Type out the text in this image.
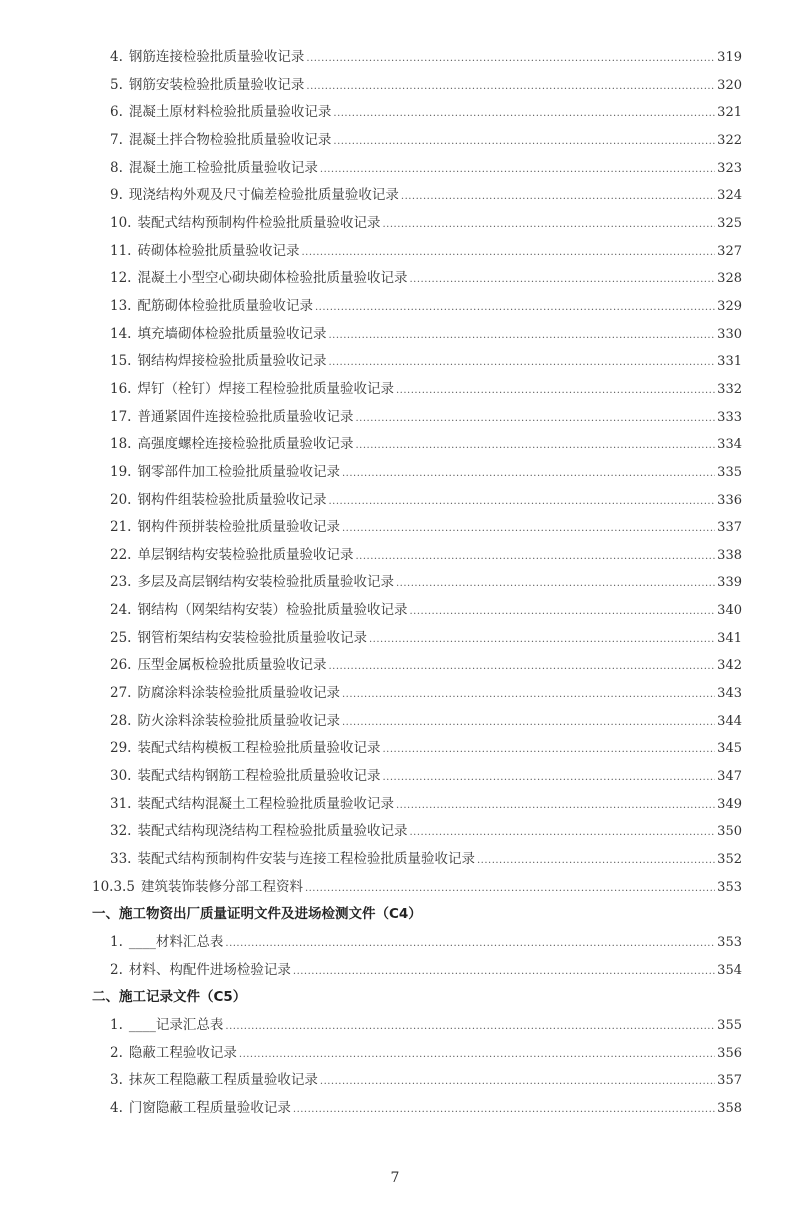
4. 钢筋连接检验批质量验收记录 .....	319
5. 钢筋安装检验批质量验收记录 .....	320
6. 混凝土原材料检验批质量验收记录 .....	321
7. 混凝土拌合物检验批质量验收记录 .....	322
8. 混凝土施工检验批质量验收记录 .....	323
9. 现浇结构外观及尺寸偏差检验批质量验收记录 .....	324
10. 装配式结构预制构件检验批质量验收记录 .....	325
11. 砖砌体检验批质量验收记录 .....	327
12. 混凝土小型空心砌块砌体检验批质量验收记录 .....	328
13. 配筋砌体检验批质量验收记录 .....	329
14. 填充墙砌体检验批质量验收记录 .....	330
15. 钢结构焊接检验批质量验收记录 .....	331
16. 焊钉（栓钉）焊接工程检验批质量验收记录 .....	332
17. 普通紧固件连接检验批质量验收记录 .....	333
18. 高强度螺栓连接检验批质量验收记录 .....	334
19. 钢零部件加工检验批质量验收记录 .....	335
20. 钢构件组装检验批质量验收记录 .....	336
21. 钢构件预拼装检验批质量验收记录 .....	337
22. 单层钢结构安装检验批质量验收记录 .....	338
23. 多层及高层钢结构安装检验批质量验收记录 .....	339
24. 钢结构（网架结构安装）检验批质量验收记录 .....	340
25. 钢管桁架结构安装检验批质量验收记录 .....	341
26. 压型金属板检验批质量验收记录 .....	342
27. 防腐涂料涂装检验批质量验收记录 .....	343
28. 防火涂料涂装检验批质量验收记录 .....	344
29. 装配式结构模板工程检验批质量验收记录 .....	345
30. 装配式结构钢筋工程检验批质量验收记录 .....	347
31. 装配式结构混凝土工程检验批质量验收记录 .....	349
32. 装配式结构现浇结构工程检验批质量验收记录 .....	350
33. 装配式结构预制构件安装与连接工程检验批质量验收记录 .....	352
10.3.5 建筑装饰装修分部工程资料 .....	353
一、施工物资出厂质量证明文件及进场检测文件（C4）
1. ____材料汇总表 .....	353
2. 材料、构配件进场检验记录 .....	354
二、施工记录文件（C5）
1. ____记录汇总表 .....	355
2. 隐蔽工程验收记录 .....	356
3. 抹灰工程隐蔽工程质量验收记录 .....	357
4. 门窗隐蔽工程质量验收记录 .....	358
7
